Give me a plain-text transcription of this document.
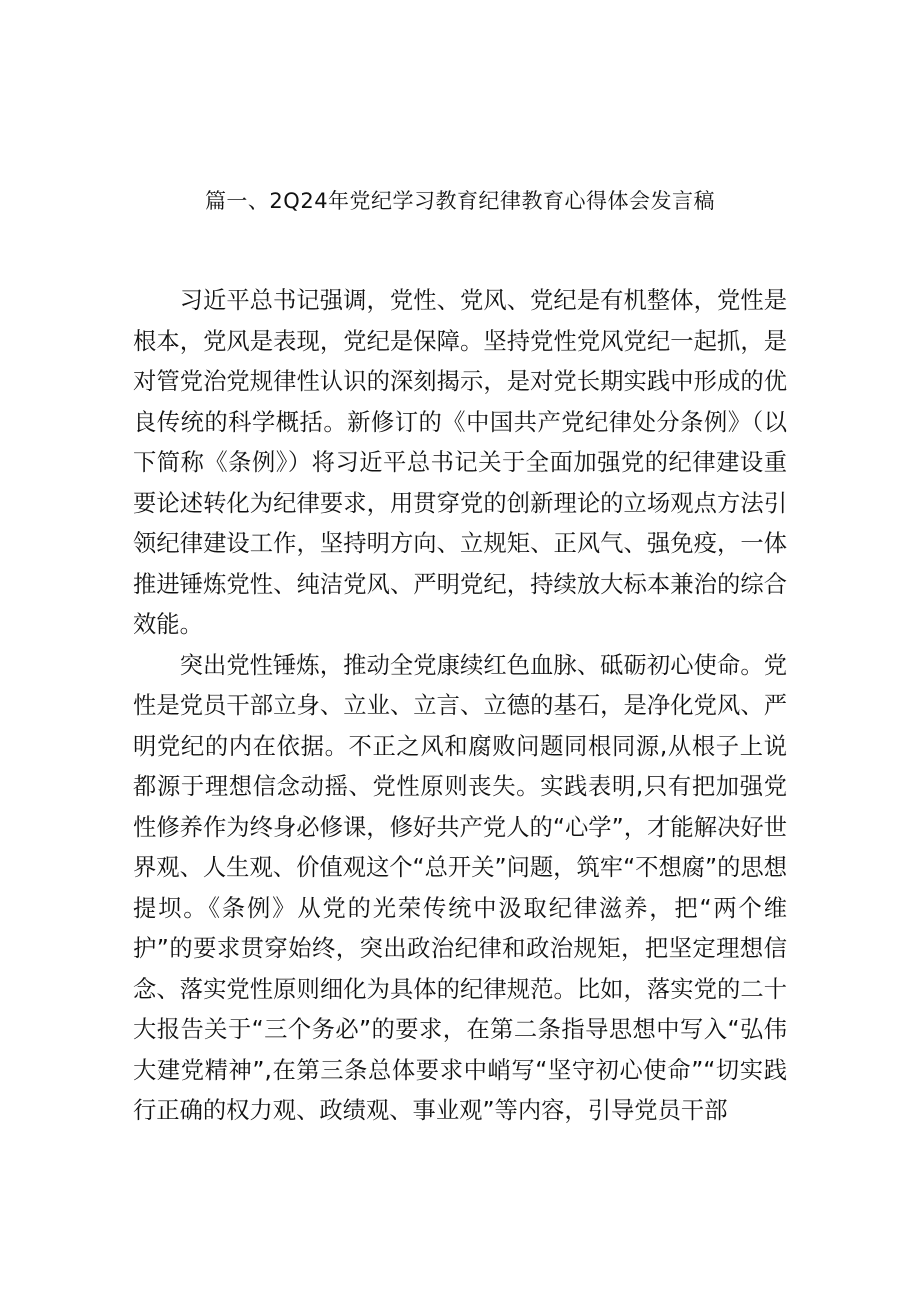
篇一、2Q24年党纪学习教育纪律教育心得体会发言稿

习近平总书记强调，党性、党风、党纪是有机整体，党性是根本，党风是表现，党纪是保障。坚持党性党风党纪一起抓，是对管党治党规律性认识的深刻揭示，是对党长期实践中形成的优良传统的科学概括。新修订的《中国共产党纪律处分条例》（以下简称《条例》）将习近平总书记关于全面加强党的纪律建设重要论述转化为纪律要求，用贯穿党的创新理论的立场观点方法引领纪律建设工作，坚持明方向、立规矩、正风气、强免疫，一体推进锤炼党性、纯洁党风、严明党纪，持续放大标本兼治的综合效能。

突出党性锤炼，推动全党康续红色血脉、砥砺初心使命。党性是党员干部立身、立业、立言、立德的基石，是净化党风、严明党纪的内在依据。不正之风和腐败问题同根同源,从根子上说都源于理想信念动摇、党性原则丧失。实践表明,只有把加强党性修养作为终身必修课，修好共产党人的“心学”，才能解决好世界观、人生观、价值观这个“总开关”问题，筑牢“不想腐”的思想提坝。《条例》从党的光荣传统中汲取纪律滋养，把“两个维护”的要求贯穿始终，突出政治纪律和政治规矩，把坚定理想信念、落实党性原则细化为具体的纪律规范。比如，落实党的二十大报告关于“三个务必”的要求，在第二条指导思想中写入“弘伟大建党精神”,在第三条总体要求中峭写“坚守初心使命”“切实践行正确的权力观、政绩观、事业观”等内容，引导党员干部
